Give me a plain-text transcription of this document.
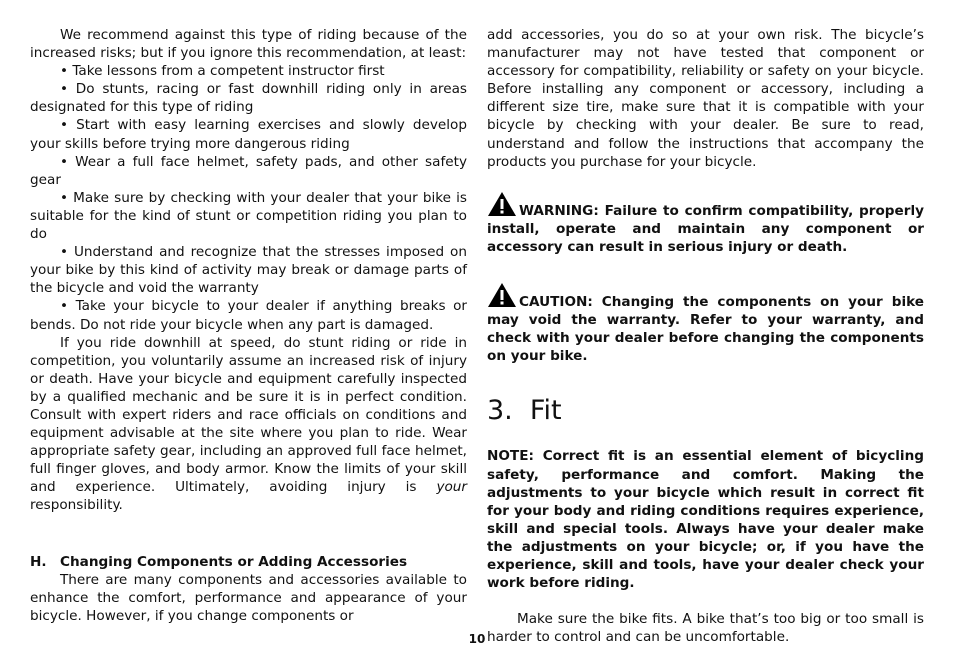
We recommend against this type of riding because of the increased risks; but if you ignore this recommendation, at least:

• Take lessons from a competent instructor first

• Do stunts, racing or fast downhill riding only in areas designated for this type of riding

• Start with easy learning exercises and slowly develop your skills before trying more dangerous riding

• Wear a full face helmet, safety pads, and other safety gear

• Make sure by checking with your dealer that your bike is suitable for the kind of stunt or competition riding you plan to do

• Understand and recognize that the stresses imposed on your bike by this kind of activity may break or damage parts of the bicycle and void the warranty

• Take your bicycle to your dealer if anything breaks or bends. Do not ride your bicycle when any part is damaged.

If you ride downhill at speed, do stunt riding or ride in competition, you voluntarily assume an increased risk of injury or death. Have your bicycle and equipment carefully inspected by a qualified mechanic and be sure it is in perfect condition. Consult with expert riders and race officials on conditions and equipment advisable at the site where you plan to ride. Wear appropriate safety gear, including an approved full face helmet, full finger gloves, and body armor. Know the limits of your skill and experience. Ultimately, avoiding injury is your responsibility.

H. Changing Components or Adding Accessories

There are many components and accessories available to enhance the comfort, performance and appearance of your bicycle. However, if you change components or

add accessories, you do so at your own risk. The bicycle’s manufacturer may not have tested that component or accessory for compatibility, reliability or safety on your bicycle. Before installing any component or accessory, including a different size tire, make sure that it is compatible with your bicycle by checking with your dealer. Be sure to read, understand and follow the instructions that accompany the products you purchase for your bicycle.

WARNING: Failure to confirm compatibility, properly install, operate and maintain any component or accessory can result in serious injury or death.

CAUTION: Changing the components on your bike may void the warranty. Refer to your warranty, and check with your dealer before changing the components on your bike.

3.  Fit

NOTE: Correct fit is an essential element of bicycling safety, performance and comfort. Making the adjustments to your bicycle which result in correct fit for your body and riding conditions requires experience, skill and special tools. Always have your dealer make the adjustments on your bicycle; or, if you have the experience, skill and tools, have your dealer check your work before riding.

Make sure the bike fits. A bike that’s too big or too small is harder to control and can be uncomfortable.

10
